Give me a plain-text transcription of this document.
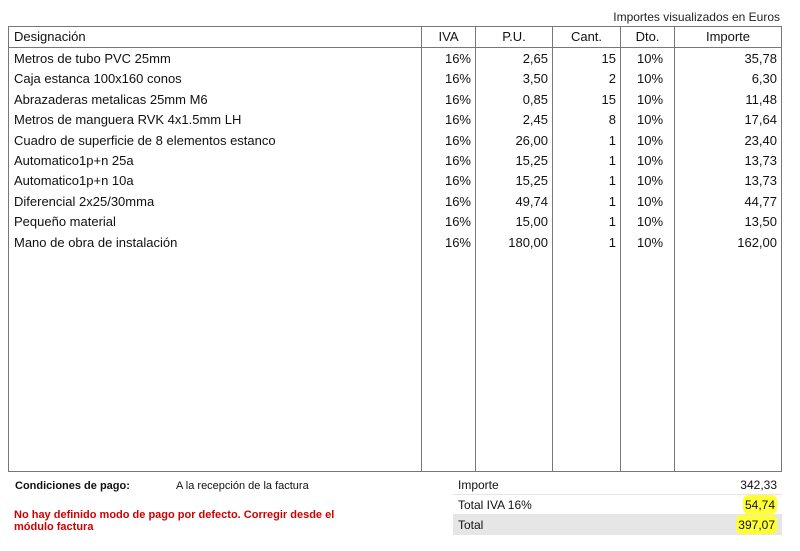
Importes visualizados en Euros
Designación	IVA	P.U.	Cant.	Dto.	Importe
Metros de tubo PVC 25mm	16%	2,65	15	10%	35,78
Caja estanca 100x160 conos	16%	3,50	2	10%	6,30
Abrazaderas metalicas 25mm M6	16%	0,85	15	10%	11,48
Metros de manguera RVK 4x1.5mm LH	16%	2,45	8	10%	17,64
Cuadro de superficie de 8 elementos estanco	16%	26,00	1	10%	23,40
Automatico1p+n 25a	16%	15,25	1	10%	13,73
Automatico1p+n 10a	16%	15,25	1	10%	13,73
Diferencial 2x25/30mma	16%	49,74	1	10%	44,77
Pequeño material	16%	15,00	1	10%	13,50
Mano de obra de instalación	16%	180,00	1	10%	162,00
Condiciones de pago:	A la recepción de la factura
No hay definido modo de pago por defecto. Corregir desde el módulo factura
Importe	342,33
Total IVA 16%	54,74
Total	397,07
